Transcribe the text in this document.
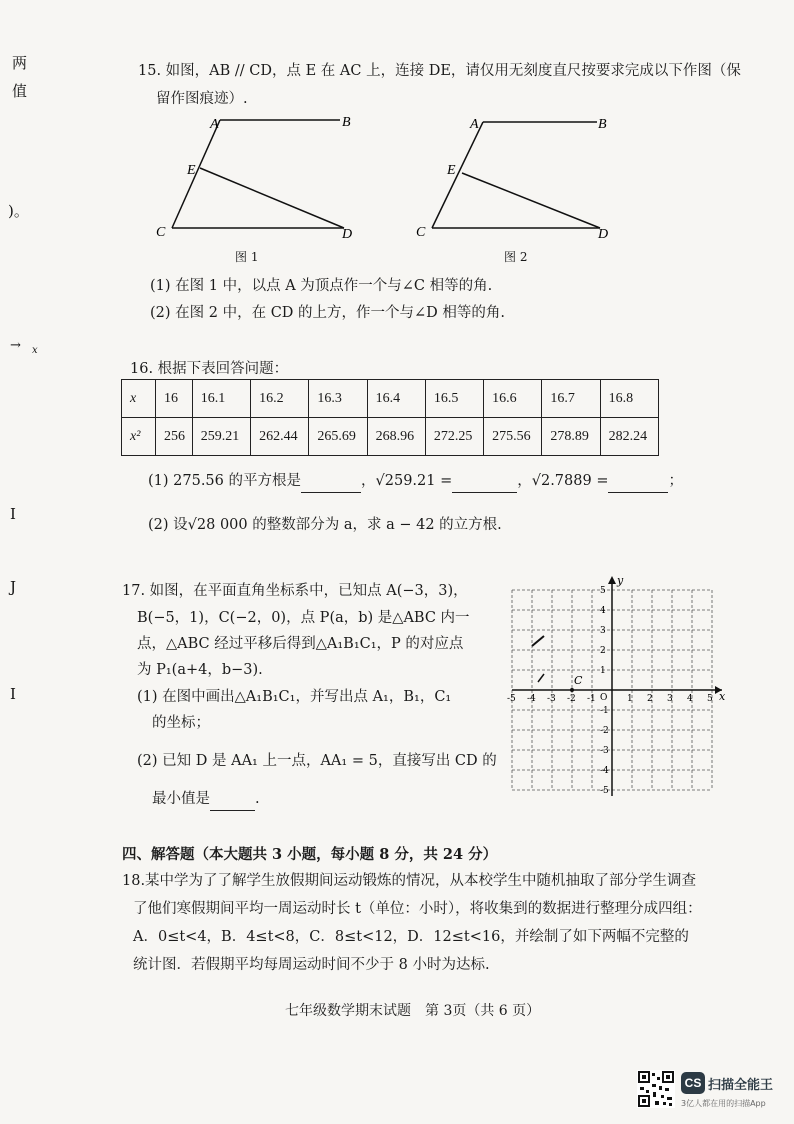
两
值
)。
→ x
I
J
I
15. 如图，AB // CD，点 E 在 AC 上，连接 DE，请仅用无刻度直尺按要求完成以下作图（保
留作图痕迹）.
A	B
E
C	D
图 1
A	B
E
C	D
图 2
(1) 在图 1 中，以点 A 为顶点作一个与∠C 相等的角.
(2) 在图 2 中，在 CD 的上方，作一个与∠D 相等的角.
16. 根据下表回答问题：
x	16	16.1	16.2	16.3	16.4	16.5	16.6	16.7	16.8
x²	256	259.21	262.44	265.69	268.96	272.25	275.56	278.89	282.24
(1) 275.56 的平方根是	，√259.21 =	，√2.7889 =	；
(2) 设√28 000 的整数部分为 a，求 a − 42 的立方根.
17. 如图，在平面直角坐标系中，已知点 A(−3，3)，
B(−5，1)，C(−2，0)，点 P(a，b) 是△ABC 内一
点，△ABC 经过平移后得到△A₁B₁C₁，P 的对应点
为 P₁(a+4，b−3).
(1) 在图中画出△A₁B₁C₁，并写出点 A₁，B₁，C₁
的坐标；
(2) 已知 D 是 AA₁ 上一点，AA₁ = 5，直接写出 CD 的
最小值是	.
x
y
O
-5 -4 -3 -2 -1	1 2 3 4 5
5
4
3
2
1
-1
-2
-3
-4
-5
C
四、解答题（本大题共 3 小题，每小题 8 分，共 24 分）
18.某中学为了了解学生放假期间运动锻炼的情况，从本校学生中随机抽取了部分学生调查
了他们寒假期间平均一周运动时长 t（单位：小时），将收集到的数据进行整理分成四组：
A．0≤t<4，B．4≤t<8，C．8≤t<12，D．12≤t<16，并绘制了如下两幅不完整的
统计图．若假期平均每周运动时间不少于 8 小时为达标.
七年级数学期末试题　第 3页（共 6 页）
CS 扫描全能王
3亿人都在用的扫描App
